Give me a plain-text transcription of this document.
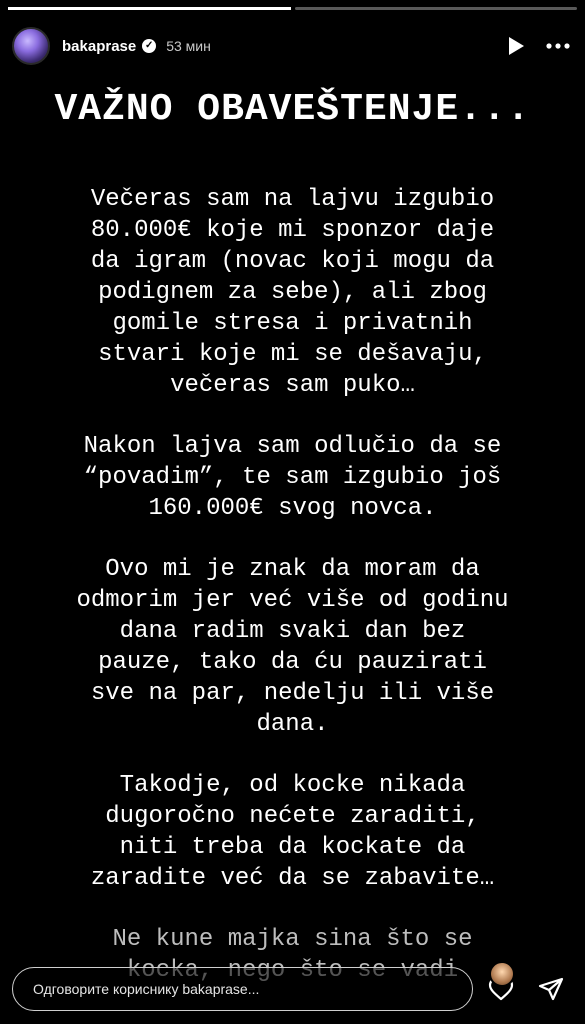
bakaprase ✓ 53 мин
VAŽNO OBAVEŠTENJE...
Večeras sam na lajvu izgubio
80.000€ koje mi sponzor daje
da igram (novac koji mogu da
podignem za sebe), ali zbog
gomile stresa i privatnih
stvari koje mi se dešavaju,
večeras sam puko…
Nakon lajva sam odlučio da se
“povadim”, te sam izgubio još
160.000€ svog novca.
Ovo mi je znak da moram da
odmorim jer već više od godinu
dana radim svaki dan bez
pauze, tako da ću pauzirati
sve na par, nedelju ili više
dana.
Takodje, od kocke nikada
dugoročno nećete zaraditi,
niti treba da kockate da
zaradite već da se zabavite…
Ne kune majka sina što se

Одговорите кориснику bakaprase...
